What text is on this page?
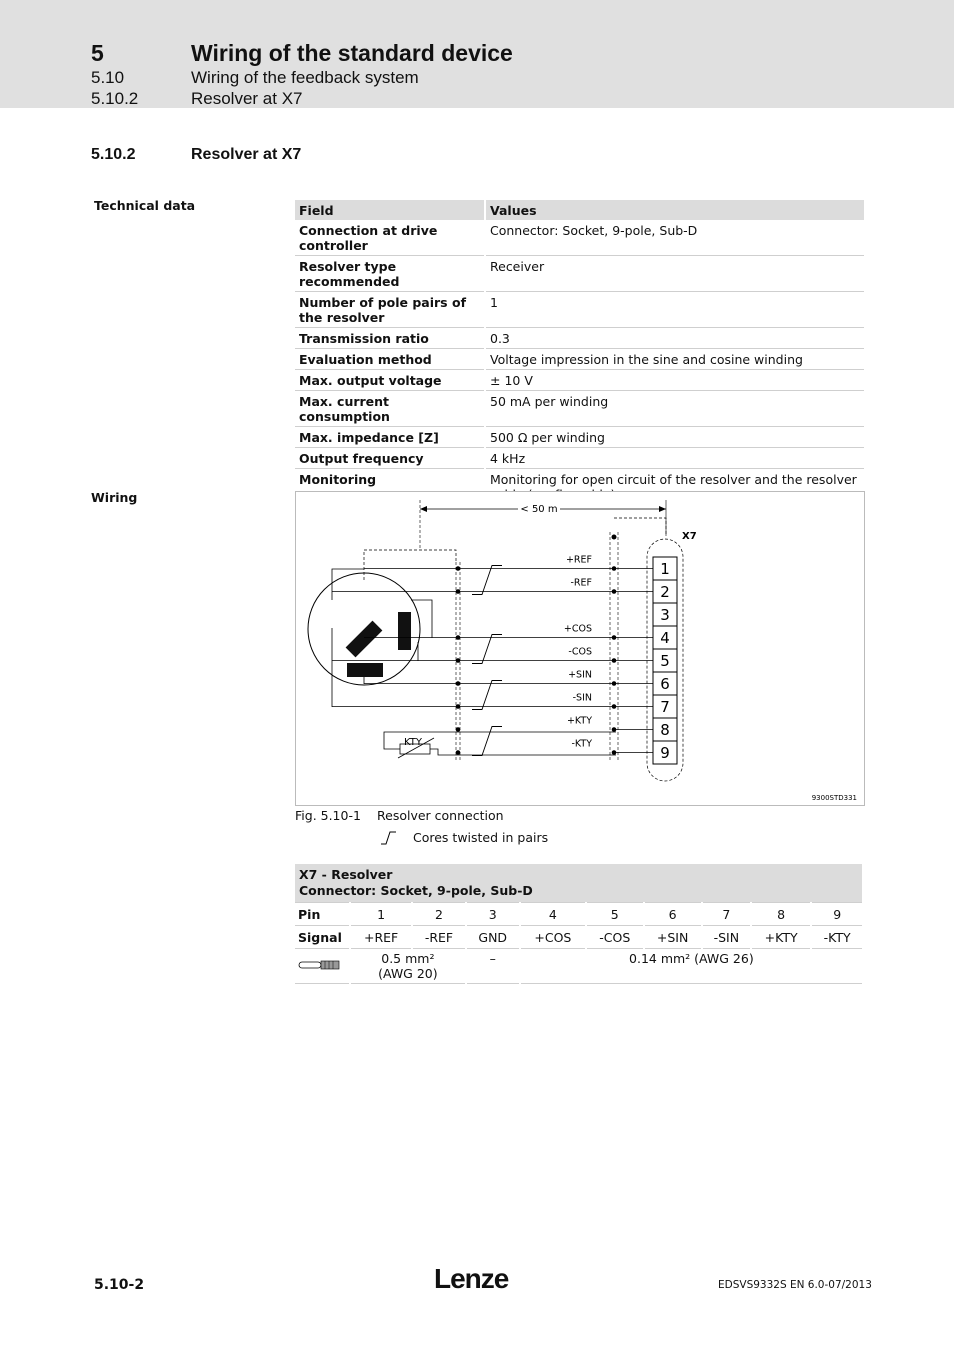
5	Wiring of the standard device
5.10	Wiring of the feedback system
5.10.2	Resolver at X7
5.10.2	Resolver at X7
Technical data	Field	Values
Connection at drive controller	Connector: Socket, 9-pole, Sub-D
Resolver type recommended	Receiver
Number of pole pairs of the resolver	1
Transmission ratio	0.3
Evaluation method	Voltage impression in the sine and cosine winding
Max. output voltage	± 10 V
Max. current consumption	50 mA per winding
Max. impedance [Z]	500 Ω per winding
Output frequency	4 kHz
Monitoring	Monitoring for open circuit of the resolver and the resolver
Wiring
< 50 m
X7
1
2
3
4
5
6
7
8
9
+REF
-REF
+COS
-COS
+SIN
-SIN
+KTY
-KTY
KTY
9300STD331
Fig. 5.10-1 Resolver connection
Cores twisted in pairs
X7 - Resolver
Connector: Socket, 9-pole, Sub-D									

Pin	1	2	3	4	5	6	7	8	9
Signal	+REF	-REF	GND	+COS	-COS	+SIN	-SIN	+KTY	-KTY

0.5 mm²
(AWG 20)		–	0.14 mm² (AWG 26)					
5.10-2	Lenze	EDSVS9332S EN 6.0-07/2013
